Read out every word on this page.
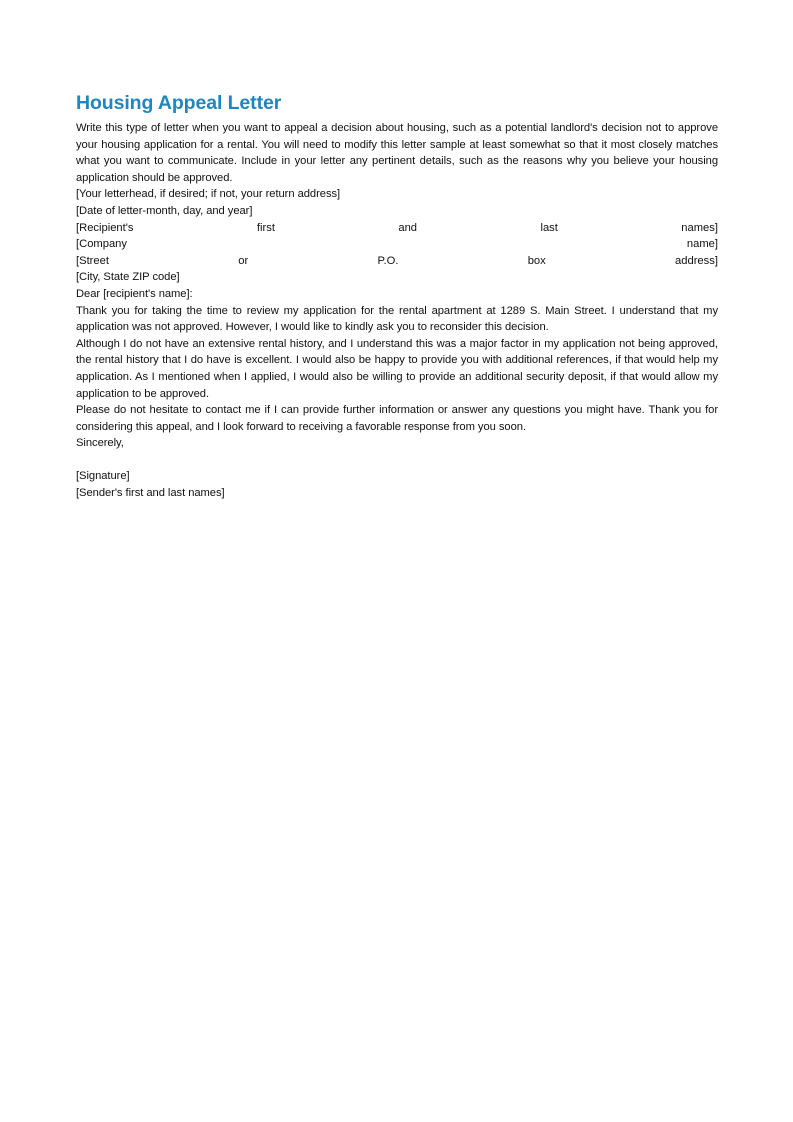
Housing Appeal Letter

Write this type of letter when you want to appeal a decision about housing, such as a potential landlord's decision not to approve your housing application for a rental. You will need to modify this letter sample at least somewhat so that it most closely matches what you want to communicate. Include in your letter any pertinent details, such as the reasons why you believe your housing application should be approved.

[Your letterhead, if desired; if not, your return address]

[Date of letter-month, day, and year]

[Recipient's	first	and	last	names]
[Company	name]
[Street	or	P.O.	box	address]

[City, State ZIP code]

Dear [recipient's name]:

Thank you for taking the time to review my application for the rental apartment at 1289 S. Main Street. I understand that my application was not approved. However, I would like to kindly ask you to reconsider this decision.

Although I do not have an extensive rental history, and I understand this was a major factor in my application not being approved, the rental history that I do have is excellent. I would also be happy to provide you with additional references, if that would help my application. As I mentioned when I applied, I would also be willing to provide an additional security deposit, if that would allow my application to be approved.

Please do not hesitate to contact me if I can provide further information or answer any questions you might have. Thank you for considering this appeal, and I look forward to receiving a favorable response from you soon.

Sincerely,

[Signature]

[Sender's first and last names]
